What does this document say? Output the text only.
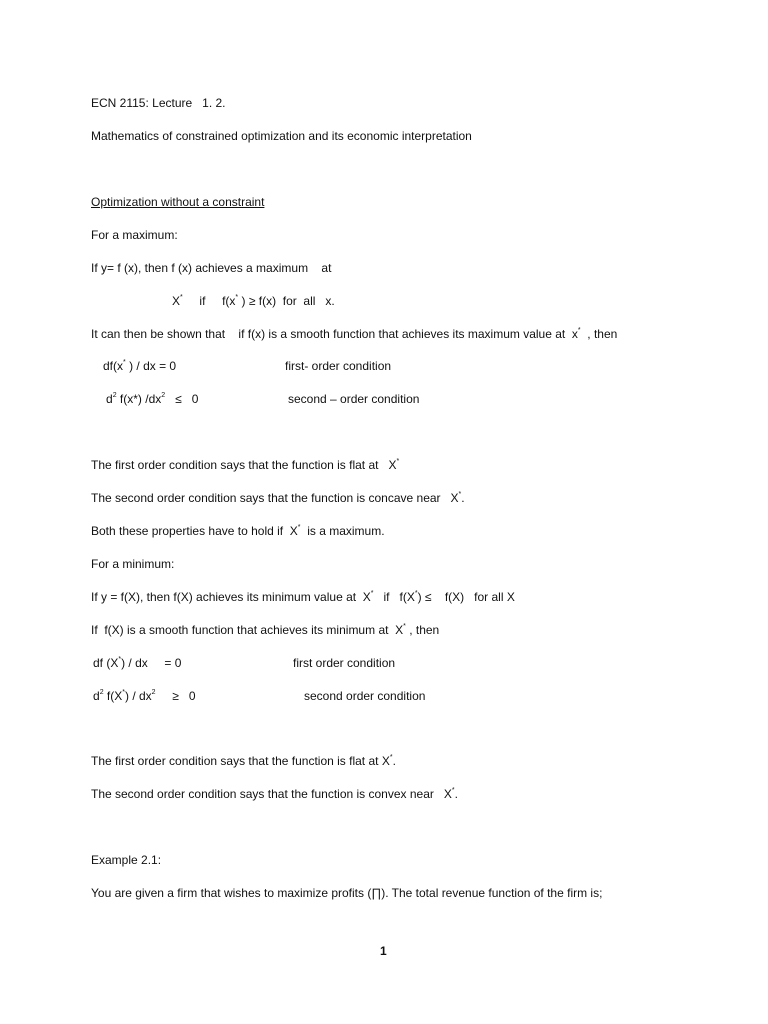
ECN 2115: Lecture   1. 2.
Mathematics of constrained optimization and its economic interpretation
Optimization without a constraint
For a maximum:
If y= f (x), then f (x) achieves a maximum    at
X*     if     f(x* ) ≥ f(x)  for  all   x.
It can then be shown that    if f(x) is a smooth function that achieves its maximum value at  x*  , then
df(x* ) / dx = 0	first- order condition
$d^2$ f(x*) $/dx^2 \le 0$	second – order condition
The first order condition says that the function is flat at   X*
The second order condition says that the function is concave near   X*.
Both these properties have to hold if  X*  is a maximum.
For a minimum:
If y = f(X), then f(X) achieves its minimum value at  X*   if   f(X*) ≤    f(X)   for all X
If  f(X) is a smooth function that achieves its minimum at  X* , then
df (X*) / dx     = 0	first order condition
$d^2$ $f(X^*) / dx^2$     ≥   0	second order condition
The first order condition says that the function is flat at X*.
The second order condition says that the function is convex near   X*.
Example 2.1:
You are given a firm that wishes to maximize profits (∏). The total revenue function of the firm is;
1
